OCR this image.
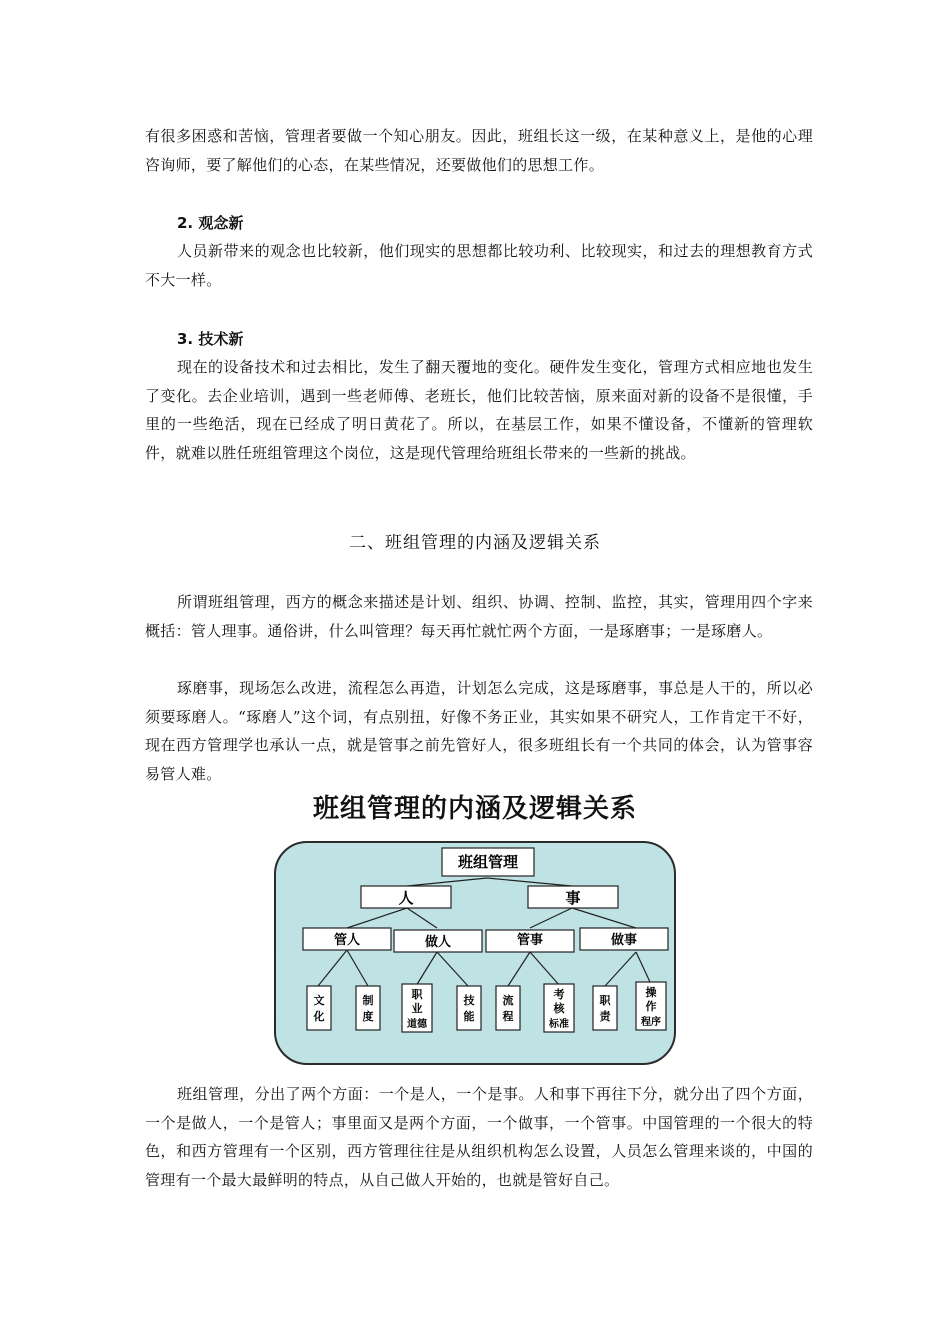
有很多困惑和苦恼，管理者要做一个知心朋友。因此，班组长这一级，在某种意义上，是他的心理咨询师，要了解他们的心态，在某些情况，还要做他们的思想工作。

2. 观念新

人员新带来的观念也比较新，他们现实的思想都比较功利、比较现实，和过去的理想教育方式不大一样。

3. 技术新

现在的设备技术和过去相比，发生了翻天覆地的变化。硬件发生变化，管理方式相应地也发生了变化。去企业培训，遇到一些老师傅、老班长，他们比较苦恼，原来面对新的设备不是很懂，手里的一些绝活，现在已经成了明日黄花了。所以，在基层工作，如果不懂设备，不懂新的管理软件，就难以胜任班组管理这个岗位，这是现代管理给班组长带来的一些新的挑战。

二、班组管理的内涵及逻辑关系

所谓班组管理，西方的概念来描述是计划、组织、协调、控制、监控，其实，管理用四个字来概括：管人理事。通俗讲，什么叫管理？每天再忙就忙两个方面，一是琢磨事；一是琢磨人。

琢磨事，现场怎么改进，流程怎么再造，计划怎么完成，这是琢磨事，事总是人干的，所以必须要琢磨人。“琢磨人”这个词，有点别扭，好像不务正业，其实如果不研究人，工作肯定干不好，现在西方管理学也承认一点，就是管事之前先管好人，很多班组长有一个共同的体会，认为管事容易管人难。

班组管理的内涵及逻辑关系

班组管理
人	事
管人	做人	管事	做事
文
化
制
度
职
业
道德
技
能
流
程
考
核
标准
职
责
操
作
程序

班组管理，分出了两个方面：一个是人，一个是事。人和事下再往下分，就分出了四个方面，一个是做人，一个是管人；事里面又是两个方面，一个做事，一个管事。中国管理的一个很大的特色，和西方管理有一个区别，西方管理往往是从组织机构怎么设置，人员怎么管理来谈的，中国的管理有一个最大最鲜明的特点，从自己做人开始的，也就是管好自己。
